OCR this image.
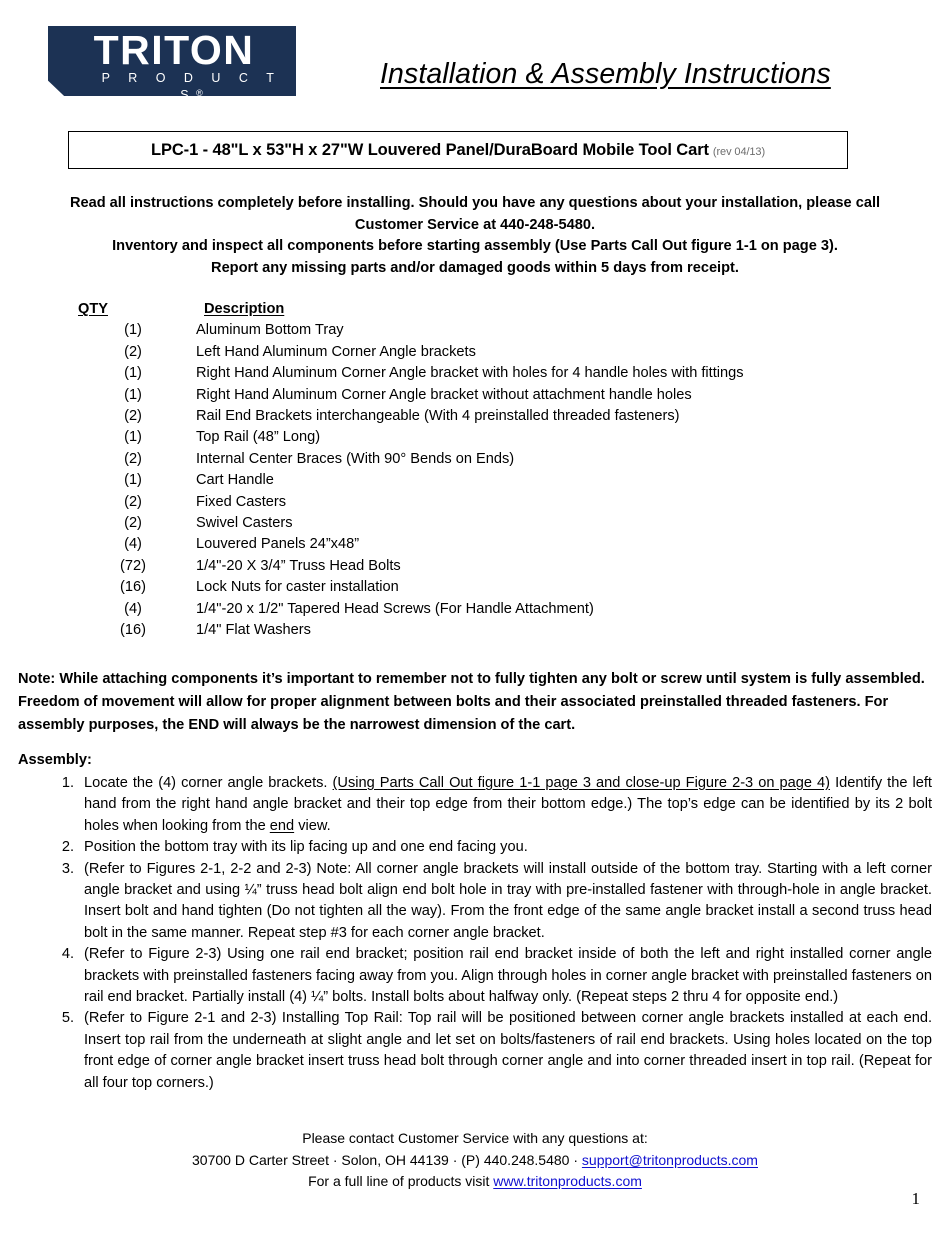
TRITON
P R O D U C T S®
Installation & Assembly Instructions
LPC-1 - 48"L x 53"H x 27"W Louvered Panel/DuraBoard Mobile Tool Cart (rev 04/13)
Read all instructions completely before installing. Should you have any questions about your installation, please call
Customer Service at 440-248-5480.
Inventory and inspect all components before starting assembly (Use Parts Call Out figure 1-1 on page 3).
Report any missing parts and/or damaged goods within 5 days from receipt.
QTY	Description
(1)	Aluminum Bottom Tray
(2)	Left Hand Aluminum Corner Angle brackets
(1)	Right Hand Aluminum Corner Angle bracket with holes for 4 handle holes with fittings
(1)	Right Hand Aluminum Corner Angle bracket without attachment handle holes
(2)	Rail End Brackets interchangeable (With 4 preinstalled threaded fasteners)
(1)	Top Rail (48” Long)
(2)	Internal Center Braces (With 90° Bends on Ends)
(1)	Cart Handle
(2)	Fixed Casters
(2)	Swivel Casters
(4)	Louvered Panels 24”x48”
(72)	1/4"-20 X 3/4” Truss Head Bolts
(16)	Lock Nuts for caster installation
(4)	1/4"-20 x 1/2" Tapered Head Screws (For Handle Attachment)
(16)	1/4" Flat Washers
Note: While attaching components it’s important to remember not to fully tighten any bolt or screw until system is fully assembled. Freedom of movement will allow for proper alignment between bolts and their associated preinstalled threaded fasteners. For assembly purposes, the END will always be the narrowest dimension of the cart.
Assembly:
1. Locate the (4) corner angle brackets. (Using Parts Call Out figure 1-1 page 3 and close-up Figure 2-3 on page 4) Identify the left hand from the right hand angle bracket and their top edge from their bottom edge.) The top’s edge can be identified by its 2 bolt holes when looking from the end view.
2. Position the bottom tray with its lip facing up and one end facing you.
3. (Refer to Figures 2-1, 2-2 and 2-3) Note: All corner angle brackets will install outside of the bottom tray. Starting with a left corner angle bracket and using ¼” truss head bolt align end bolt hole in tray with pre-installed fastener with through-hole in angle bracket. Insert bolt and hand tighten (Do not tighten all the way). From the front edge of the same angle bracket install a second truss head bolt in the same manner. Repeat step #3 for each corner angle bracket.
4. (Refer to Figure 2-3) Using one rail end bracket; position rail end bracket inside of both the left and right installed corner angle brackets with preinstalled fasteners facing away from you. Align through holes in corner angle bracket with preinstalled fasteners on rail end bracket. Partially install (4) ¼” bolts. Install bolts about halfway only. (Repeat steps 2 thru 4 for opposite end.)
5. (Refer to Figure 2-1 and 2-3) Installing Top Rail: Top rail will be positioned between corner angle brackets installed at each end. Insert top rail from the underneath at slight angle and let set on bolts/fasteners of rail end brackets. Using holes located on the top front edge of corner angle bracket insert truss head bolt through corner angle and into corner threaded insert in top rail. (Repeat for all four top corners.)
Please contact Customer Service with any questions at:
30700 D Carter Street · Solon, OH 44139 · (P) 440.248.5480 · support@tritonproducts.com
For a full line of products visit www.tritonproducts.com
1
